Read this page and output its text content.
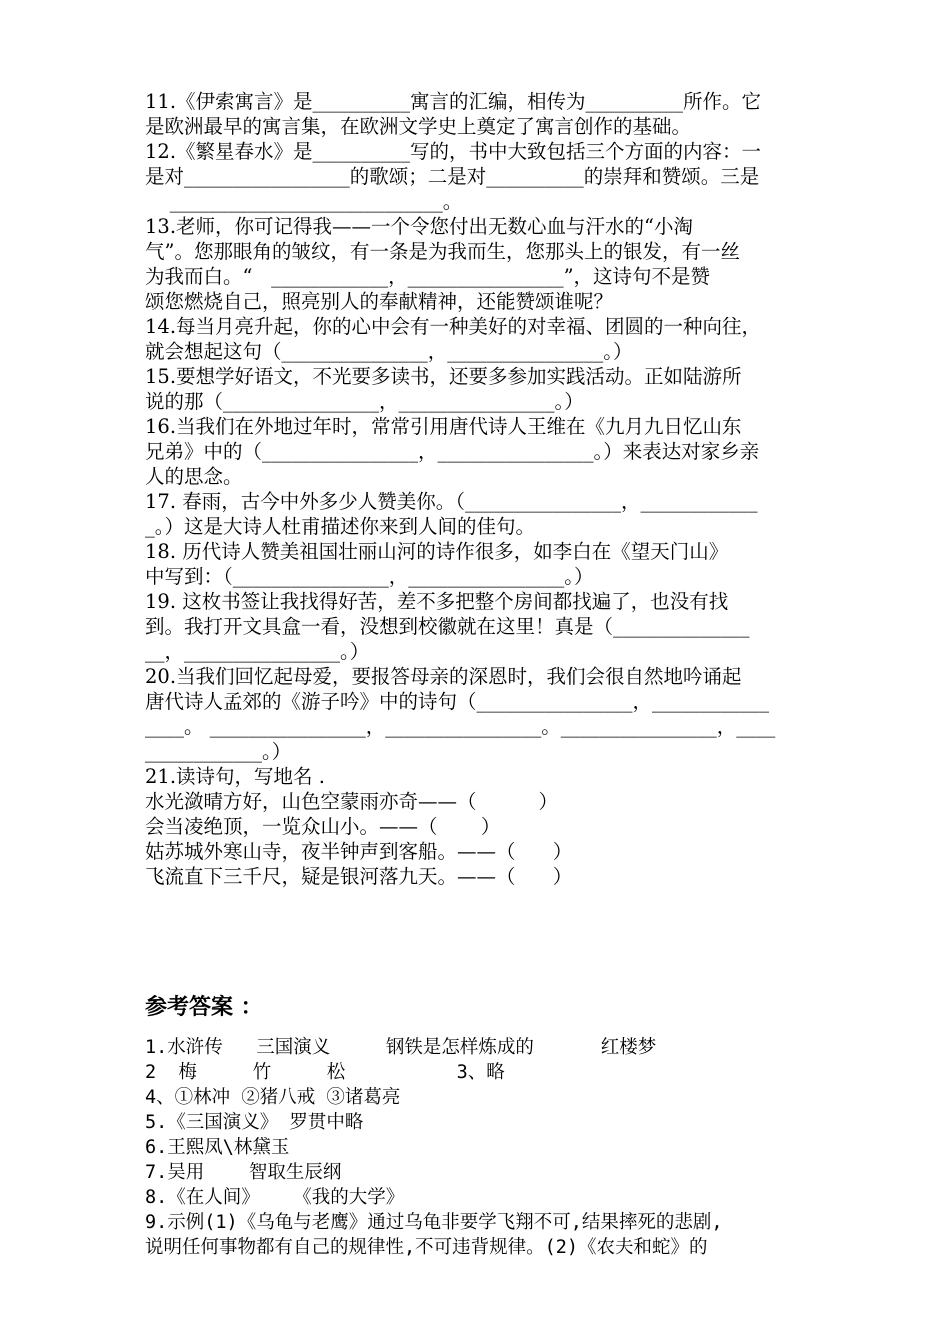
11.《伊索寓言》是__________寓言的汇编，相传为__________所作。它
是欧洲最早的寓言集，在欧洲文学史上奠定了寓言创作的基础。
12.《繁星春水》是__________写的，书中大致包括三个方面的内容：一
是对_________________的歌颂；二是对__________的崇拜和赞颂。三是
____________________________。
13.老师，你可记得我——一个令您付出无数心血与汗水的“小淘
气”。您那眼角的皱纹，有一条是为我而生，您那头上的银发，有一丝
为我而白。“   ____________，________________”，这诗句不是赞
颂您燃烧自己，照亮别人的奉献精神，还能赞颂谁呢？
14.每当月亮升起，你的心中会有一种美好的对幸福、团圆的一种向往，
就会想起这句（_______________，________________。）
15.要想学好语文，不光要多读书，还要多参加实践活动。正如陆游所
说的那（________________，________________。）
16.当我们在外地过年时，常常引用唐代诗人王维在《九月九日忆山东
兄弟》中的（________________，________________。）来表达对家乡亲
人的思念。
17. 春雨，古今中外多少人赞美你。（________________，____________
_。）这是大诗人杜甫描述你来到人间的佳句。
18. 历代诗人赞美祖国壮丽山河的诗作很多，如李白在《望天门山》
中写到：（________________，________________。）
19. 这枚书签让我找得好苦，差不多把整个房间都找遍了，也没有找
到。我打开文具盒一看，没想到校徽就在这里！真是（______________
__，________________。）
20.当我们回忆起母爱，要报答母亲的深恩时，我们会很自然地吟诵起
唐代诗人孟郊的《游子吟》中的诗句（________________，____________
____。 ________________，________________。________________，____
____________。）
21.读诗句，写地名 .
水光潋晴方好，山色空蒙雨亦奇——（          ）
会当凌绝顶，一览众山小。——（       ）
姑苏城外寒山寺，夜半钟声到客船。——（      ）
飞流直下三千尺，疑是银河落九天。——（      ）
参考答案 ：
1.水浒传   三国演义     钢铁是怎样炼成的      红楼梦
2  梅     竹     松          3、略
4、①林冲 ②猪八戒 ③诸葛亮
5.《三国演义》 罗贯中略
6.王熙凤\林黛玉
7.吴用    智取生辰纲
8.《在人间》   《我的大学》
9.示例(1)《乌龟与老鹰》通过乌龟非要学飞翔不可,结果摔死的悲剧,
说明任何事物都有自己的规律性,不可违背规律。(2)《农夫和蛇》的
